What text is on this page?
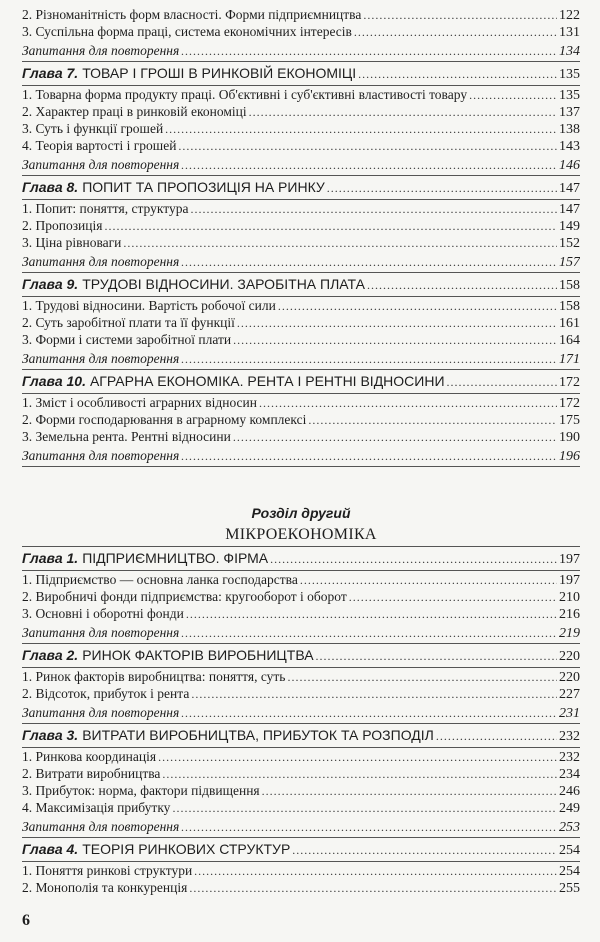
2. Різноманітність форм власності. Форми підприємництва .....	122
3. Суспільна форма праці, система економічних інтересів .....	131
Запитання для повторення .....	134
Глава 7. ТОВАР І ГРОШІ В РИНКОВІЙ ЕКОНОМІЦІ .....	135
1. Товарна форма продукту праці. Об'єктивні і суб'єктивні властивості товару .....	135
2. Характер праці в ринковій економіці .....	137
3. Суть і функції грошей .....	138
4. Теорія вартості і грошей .....	143
Запитання для повторення .....	146
Глава 8. ПОПИТ ТА ПРОПОЗИЦІЯ НА РИНКУ .....	147
1. Попит: поняття, структура .....	147
2. Пропозиція .....	149
3. Ціна рівноваги .....	152
Запитання для повторення .....	157
Глава 9. ТРУДОВІ ВІДНОСИНИ. ЗАРОБІТНА ПЛАТА .....	158
1. Трудові відносини. Вартість робочої сили .....	158
2. Суть заробітної плати та її функції .....	161
3. Форми і системи заробітної плати .....	164
Запитання для повторення .....	171
Глава 10. АГРАРНА ЕКОНОМІКА. РЕНТА І РЕНТНІ ВІДНОСИНИ .....	172
1. Зміст і особливості аграрних відносин .....	172
2. Форми господарювання в аграрному комплексі .....	175
3. Земельна рента. Рентні відносини .....	190
Запитання для повторення .....	196
Розділ другий
МІКРОЕКОНОМІКА
Глава 1. ПІДПРИЄМНИЦТВО. ФІРМА .....	197
1. Підприємство — основна ланка господарства .....	197
2. Виробничі фонди підприємства: кругооборот і оборот .....	210
3. Основні і оборотні фонди .....	216
Запитання для повторення .....	219
Глава 2. РИНОК ФАКТОРІВ ВИРОБНИЦТВА .....	220
1. Ринок факторів виробництва: поняття, суть .....	220
2. Відсоток, прибуток і рента .....	227
Запитання для повторення .....	231
Глава 3. ВИТРАТИ ВИРОБНИЦТВА, ПРИБУТОК ТА РОЗПОДІЛ .....	232
1. Ринкова координація .....	232
2. Витрати виробництва .....	234
3. Прибуток: норма, фактори підвищення .....	246
4. Максимізація прибутку .....	249
Запитання для повторення .....	253
Глава 4. ТЕОРІЯ РИНКОВИХ СТРУКТУР .....	254
1. Поняття ринкові структури .....	254
2. Монополія та конкуренція .....	255
6
